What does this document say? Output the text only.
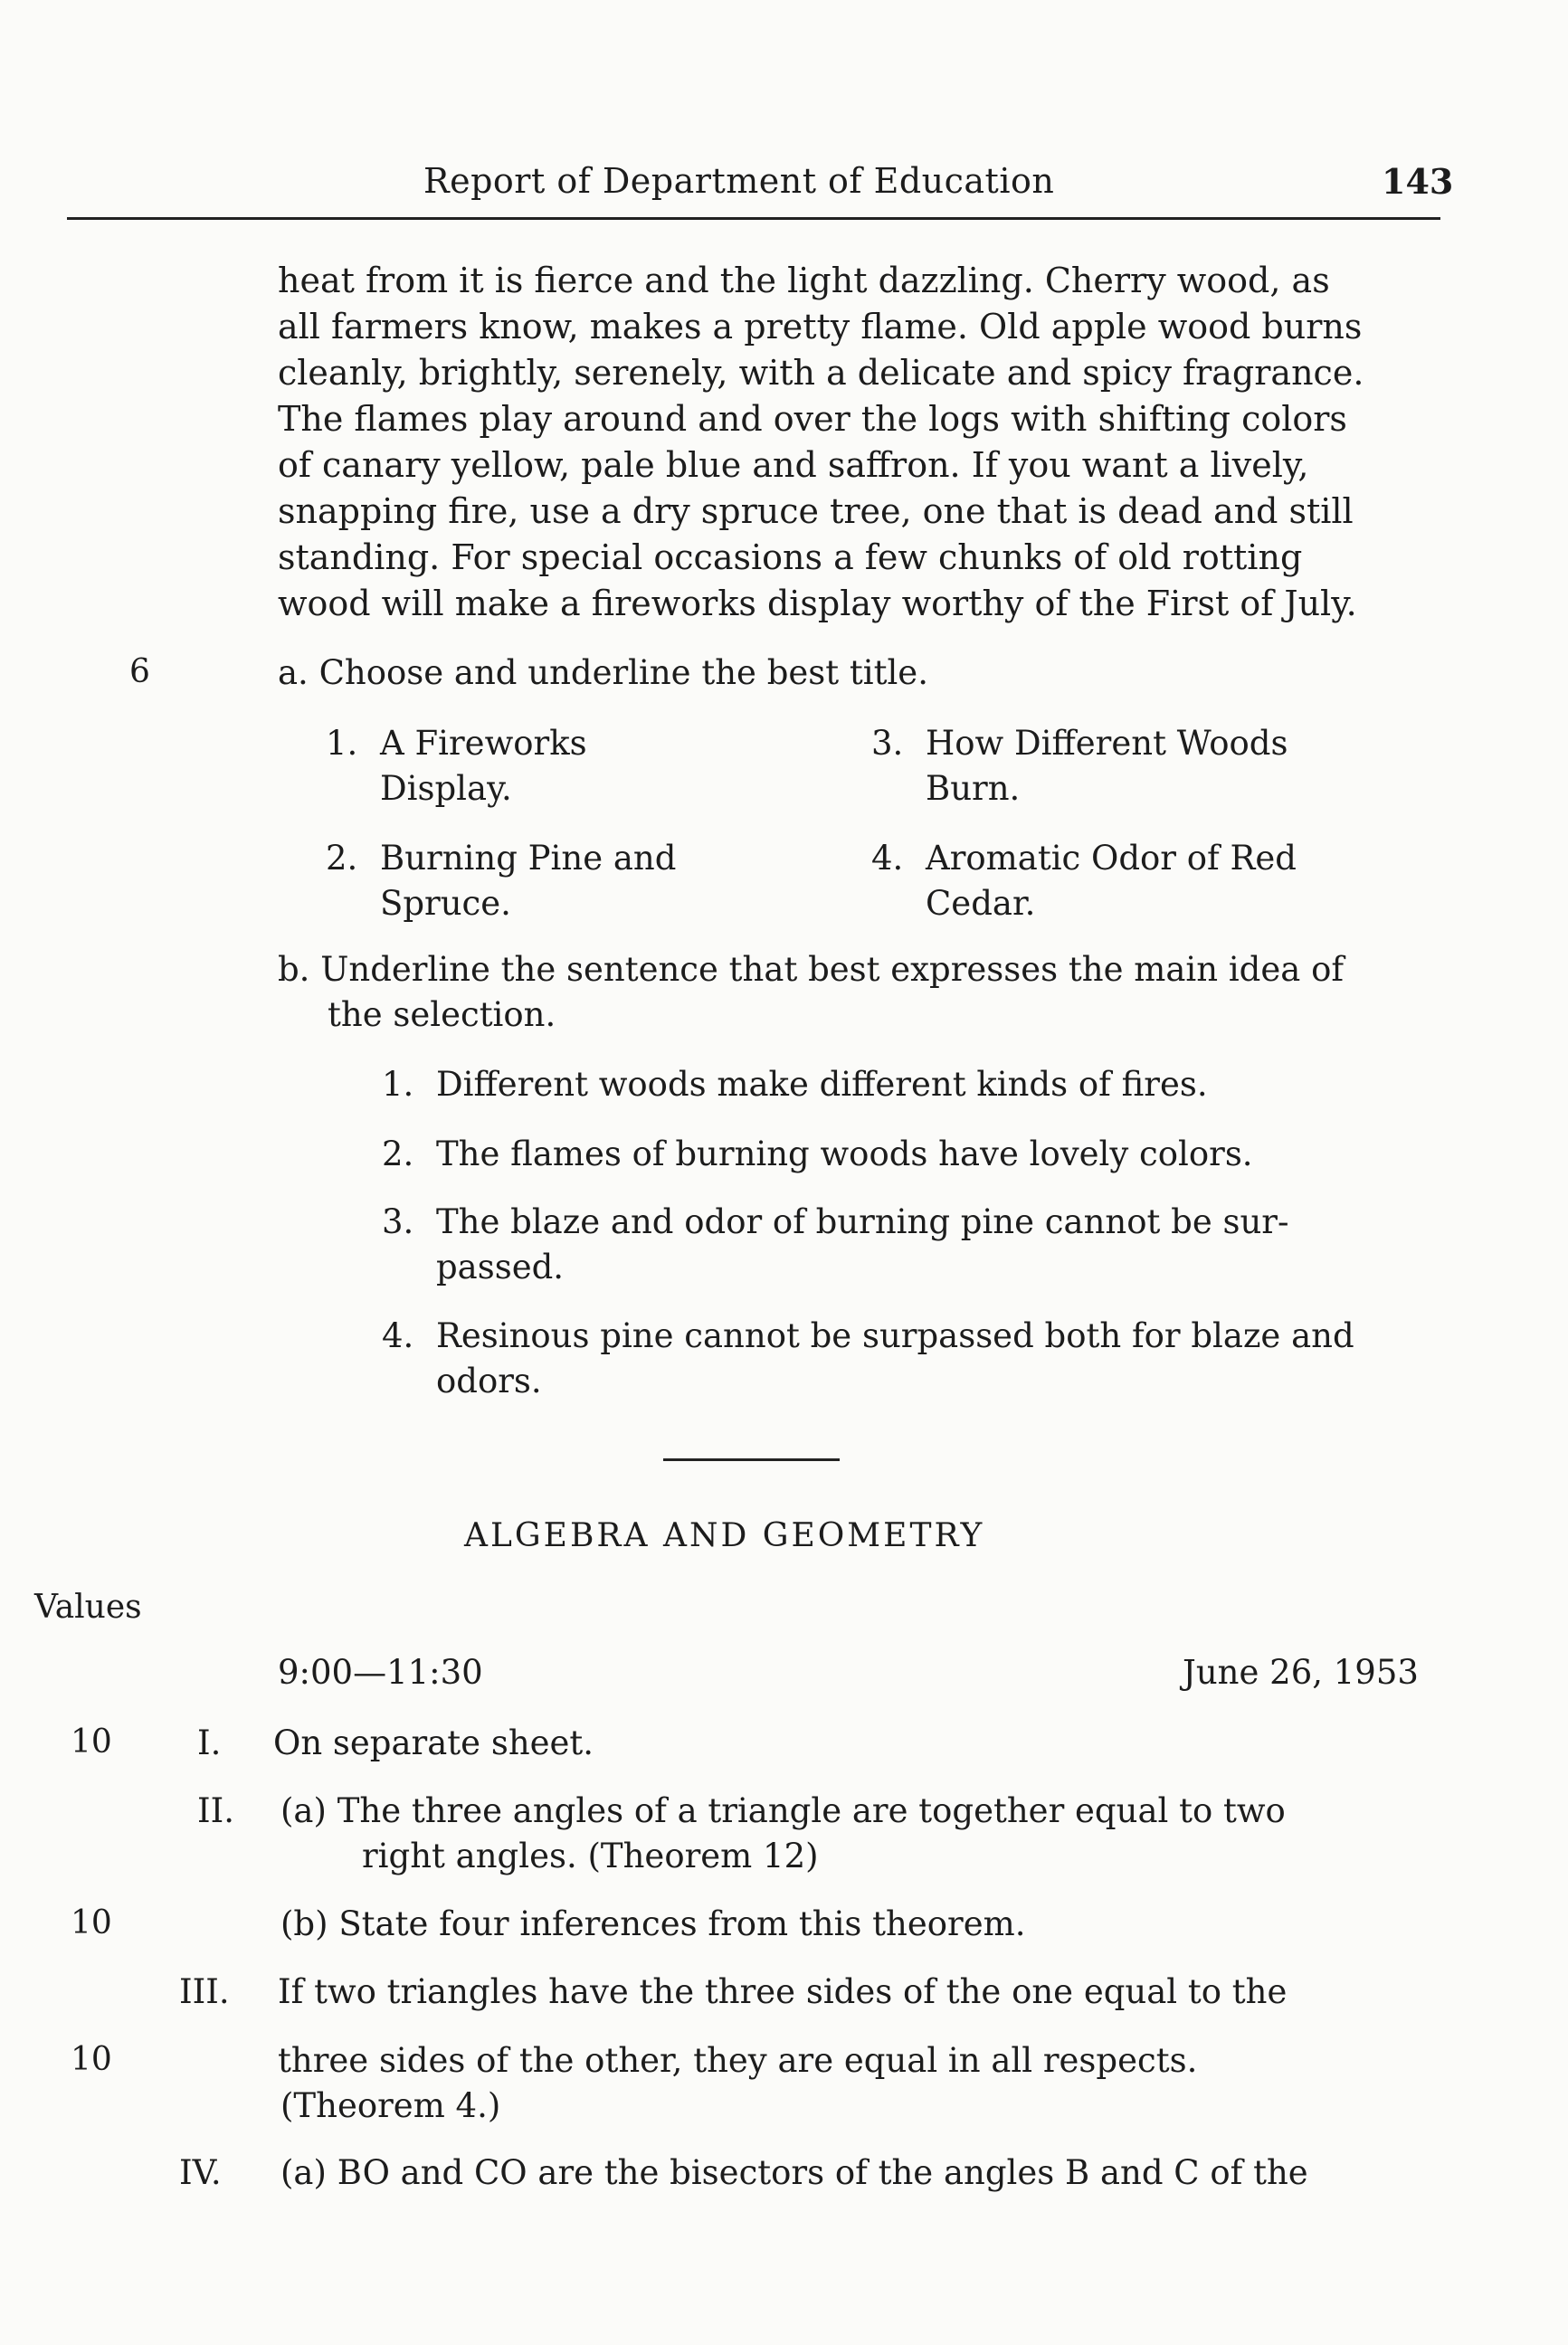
Report of Department of Education	143

heat from it is fierce and the light dazzling. Cherry wood, as

all farmers know, makes a pretty flame. Old apple wood burns

cleanly, brightly, serenely, with a delicate and spicy fragrance.

The flames play around and over the logs with shifting colors

of canary yellow, pale blue and saffron. If you want a lively,

snapping fire, use a dry spruce tree, one that is dead and still

standing. For special occasions a few chunks of old rotting

wood will make a fireworks display worthy of the First of July.

6	a. Choose and underline the best title.
1. A Fireworks
Display.
2. Burning Pine and
Spruce.
3. How Different Woods
Burn.
4. Aromatic Odor of Red
Cedar.
b. Underline the sentence that best expresses the main idea of
the selection.
1. Different woods make different kinds of fires.
2. The flames of burning woods have lovely colors.
3. The blaze and odor of burning pine cannot be sur-
passed.
4. Resinous pine cannot be surpassed both for blaze and
odors.
ALGEBRA AND GEOMETRY
Values
9:00—11:30	June 26, 1953
10	I. On separate sheet.
II. (a) The three angles of a triangle are together equal to two
right angles. (Theorem 12)
10	(b) State four inferences from this theorem.
III. If two triangles have the three sides of the one equal to the
10	three sides of the other, they are equal in all respects.
(Theorem 4.)
IV. (a) BO and CO are the bisectors of the angles B and C of the
